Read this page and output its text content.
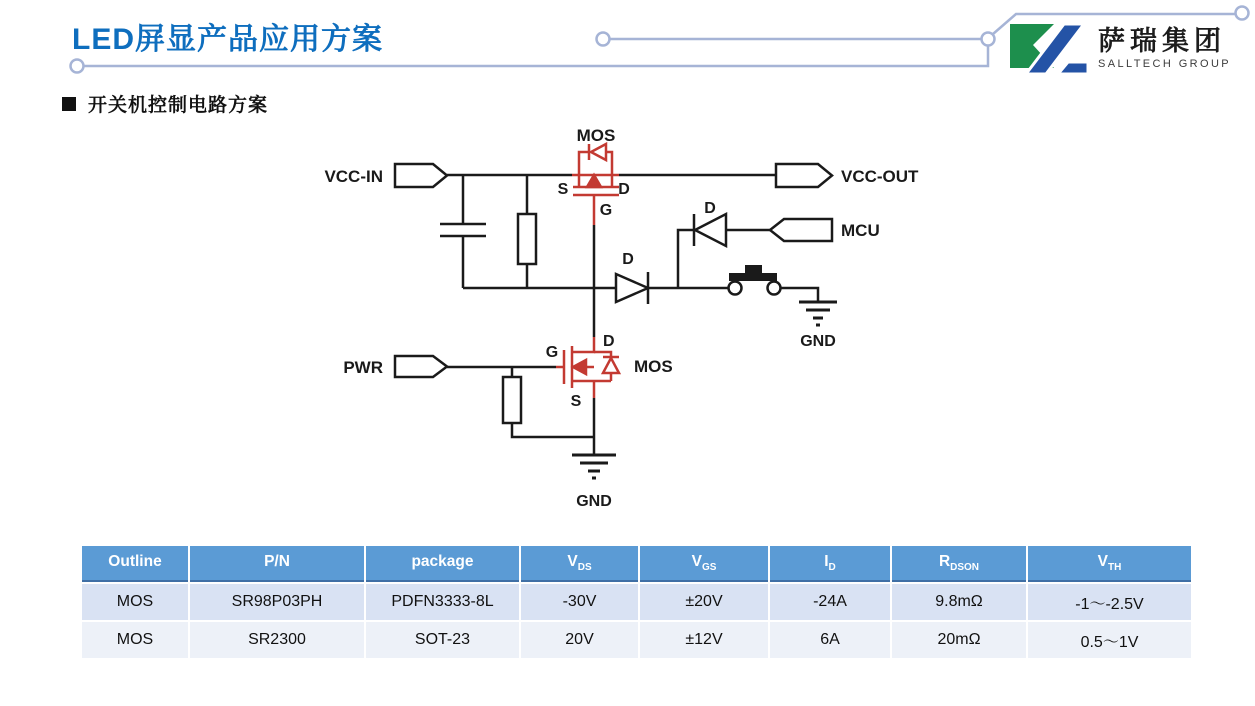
LED屏显产品应用方案	萨瑞集团
SALLTECH GROUP
开关机控制电路方案
MOS
S	D
G
VCC-IN	VCC-OUT
D
MCU
D
GND
D
G
MOS
S
PWR
GND
Outline	P/N	package	$V_{DS}$	$V_{GS}$	$I_D$	$R_{DSON}$	$V_{TH}$
MOS	SR98P03PH	PDFN3333-8L	-30V	±20V	-24A	9.8mΩ	-1～-2.5V
MOS	SR2300	SOT-23	20V	±12V	6A	20mΩ	0.5～1V
